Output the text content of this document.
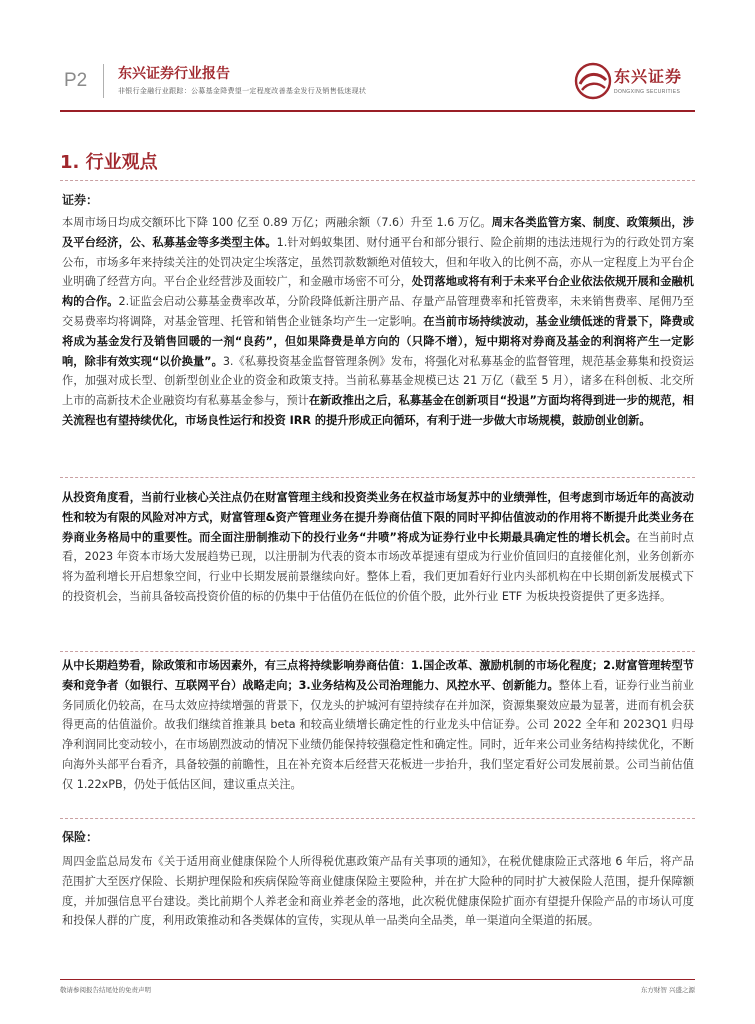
P2 东兴证券行业报告
非银行金融行业跟踪：公募基金降费望一定程度改善基金发行及销售低迷现状
东兴证券
DONGXING SECURITIES
1. 行业观点
证券：
本周市场日均成交额环比下降 100 亿至 0.89 万亿；两融余额（7.6）升至 1.6 万亿。周末各类监管方案、制度、政策频出，涉及平台经济，公、私募基金等多类型主体。1.针对蚂蚁集团、财付通平台和部分银行、险企前期的违法违规行为的行政处罚方案公布，市场多年来持续关注的处罚决定尘埃落定，虽然罚款数额绝对值较大，但和年收入的比例不高，亦从一定程度上为平台企业明确了经营方向。平台企业经营涉及面较广，和金融市场密不可分，处罚落地或将有利于未来平台企业依法依规开展和金融机构的合作。2.证监会启动公募基金费率改革，分阶段降低新注册产品、存量产品管理费率和托管费率，未来销售费率、尾佣乃至交易费率均将调降，对基金管理、托管和销售企业链条均产生一定影响。在当前市场持续波动，基金业绩低迷的背景下，降费或将成为基金发行及销售回暖的一剂“良药”，但如果降费是单方向的（只降不增），短中期将对券商及基金的利润将产生一定影响，除非有效实现“以价换量”。3.《私募投资基金监督管理条例》发布，将强化对私募基金的监督管理，规范基金募集和投资运作，加强对成长型、创新型创业企业的资金和政策支持。当前私募基金规模已达 21 万亿（截至 5 月），诸多在科创板、北交所上市的高新技术企业融资均有私募基金参与，预计在新政推出之后，私募基金在创新项目“投退”方面均将得到进一步的规范，相关流程也有望持续优化，市场良性运行和投资 IRR 的提升形成正向循环，有利于进一步做大市场规模，鼓励创业创新。
从投资角度看，当前行业核心关注点仍在财富管理主线和投资类业务在权益市场复苏中的业绩弹性，但考虑到市场近年的高波动性和较为有限的风险对冲方式，财富管理&资产管理业务在提升券商估值下限的同时平抑估值波动的作用将不断提升此类业务在券商业务格局中的重要性。而全面注册制推动下的投行业务“井喷”将成为证券行业中长期最具确定性的增长机会。在当前时点看，2023 年资本市场大发展趋势已现，以注册制为代表的资本市场改革提速有望成为行业价值回归的直接催化剂，业务创新亦将为盈利增长开启想象空间，行业中长期发展前景继续向好。整体上看，我们更加看好行业内头部机构在中长期创新发展模式下的投资机会，当前具备较高投资价值的标的仍集中于估值仍在低位的价值个股，此外行业 ETF 为板块投资提供了更多选择。
从中长期趋势看，除政策和市场因素外，有三点将持续影响券商估值：1.国企改革、激励机制的市场化程度；2.财富管理转型节奏和竞争者（如银行、互联网平台）战略走向；3.业务结构及公司治理能力、风控水平、创新能力。整体上看，证券行业当前业务同质化仍较高，在马太效应持续增强的背景下，仅龙头的护城河有望持续存在并加深，资源集聚效应最为显著，进而有机会获得更高的估值溢价。故我们继续首推兼具 beta 和较高业绩增长确定性的行业龙头中信证券。公司 2022 全年和 2023Q1 归母净利润同比变动较小，在市场剧烈波动的情况下业绩仍能保持较强稳定性和确定性。同时，近年来公司业务结构持续优化，不断向海外头部平台看齐，具备较强的前瞻性，且在补充资本后经营天花板进一步抬升，我们坚定看好公司发展前景。公司当前估值仅 1.22xPB，仍处于低估区间，建议重点关注。
保险：
周四金监总局发布《关于适用商业健康保险个人所得税优惠政策产品有关事项的通知》，在税优健康险正式落地 6 年后，将产品范围扩大至医疗保险、长期护理保险和疾病保险等商业健康保险主要险种，并在扩大险种的同时扩大被保险人范围，提升保障额度，并加强信息平台建设。类比前期个人养老金和商业养老金的落地，此次税优健康保险扩面亦有望提升保险产品的市场认可度和投保人群的广度，利用政策推动和各类媒体的宣传，实现从单一品类向全品类，单一渠道向全渠道的拓展。
敬请参阅报告结尾处的免责声明	东方财智 兴盛之源
